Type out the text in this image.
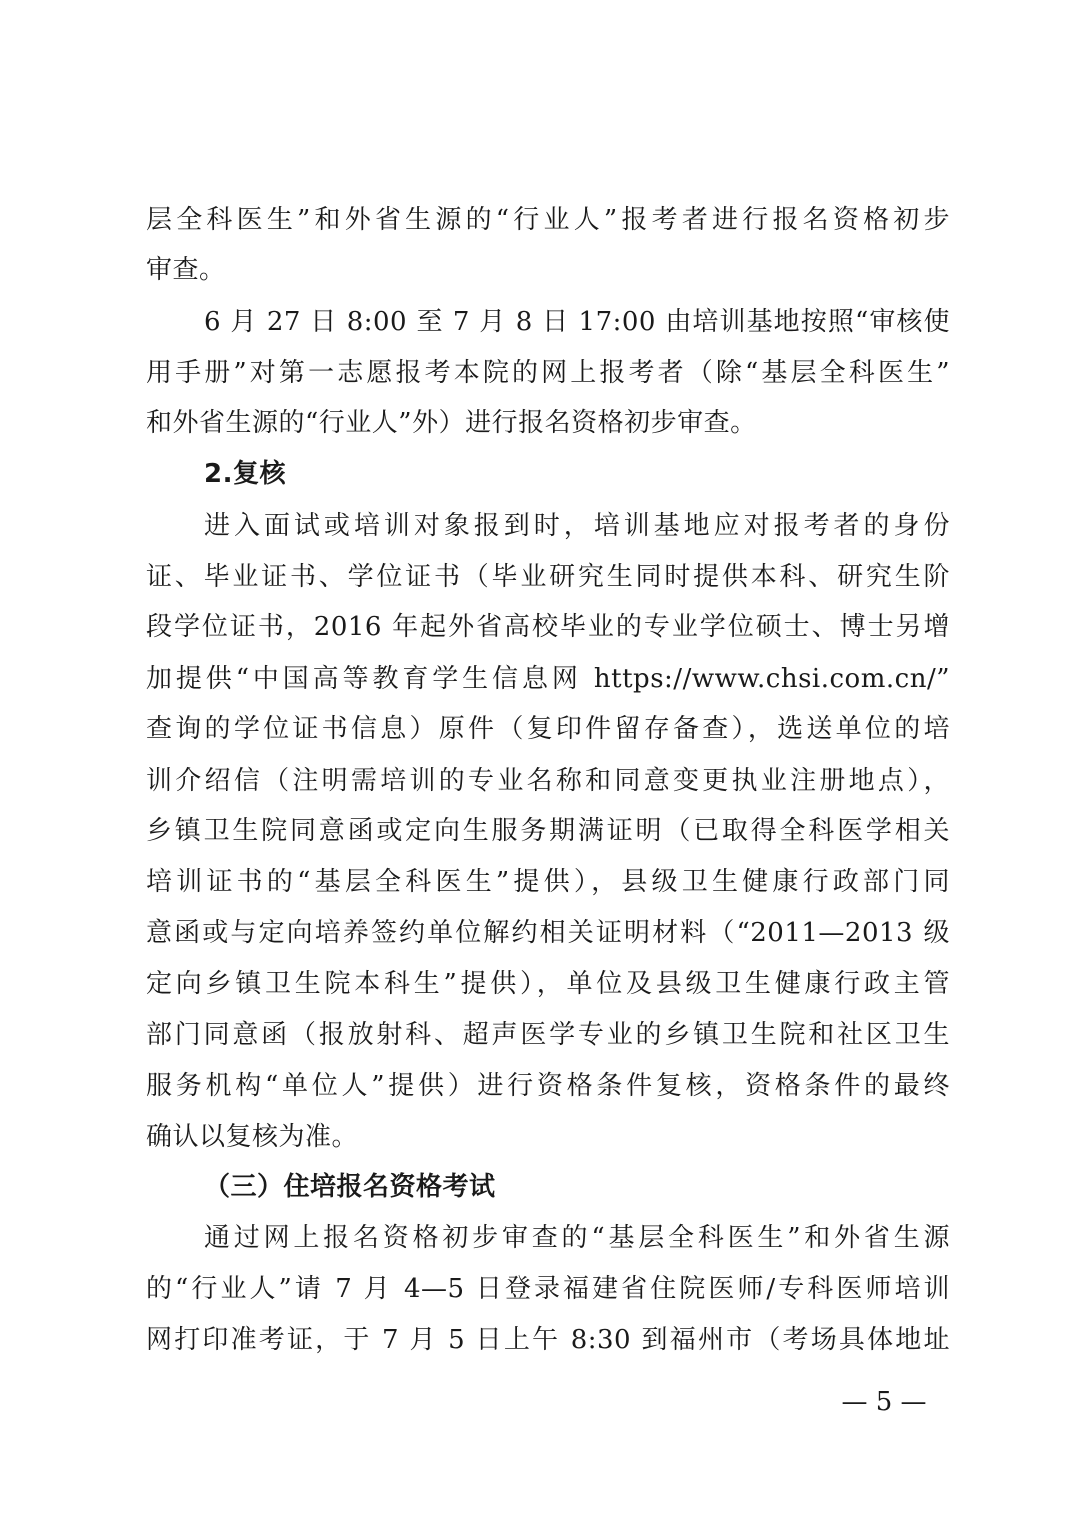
层全科医生”和外省生源的“行业人”报考者进行报名资格初步
审查。
6 月 27 日 8:00 至 7 月 8 日 17:00 由培训基地按照“审核使
用手册”对第一志愿报考本院的网上报考者（除“基层全科医生”
和外省生源的“行业人”外）进行报名资格初步审查。
2.复核
进入面试或培训对象报到时，培训基地应对报考者的身份
证、毕业证书、学位证书（毕业研究生同时提供本科、研究生阶
段学位证书，2016 年起外省高校毕业的专业学位硕士、博士另增
加提供“中国高等教育学生信息网 https://www.chsi.com.cn/”
查询的学位证书信息）原件（复印件留存备查），选送单位的培
训介绍信（注明需培训的专业名称和同意变更执业注册地点），
乡镇卫生院同意函或定向生服务期满证明（已取得全科医学相关
培训证书的“基层全科医生”提供），县级卫生健康行政部门同
意函或与定向培养签约单位解约相关证明材料（“2011—2013 级
定向乡镇卫生院本科生”提供），单位及县级卫生健康行政主管
部门同意函（报放射科、超声医学专业的乡镇卫生院和社区卫生
服务机构“单位人”提供）进行资格条件复核，资格条件的最终
确认以复核为准。
（三）住培报名资格考试
通过网上报名资格初步审查的“基层全科医生”和外省生源
的“行业人”请 7 月 4—5 日登录福建省住院医师/专科医师培训
网打印准考证，于 7 月 5 日上午 8:30 到福州市（考场具体地址
— 5 —
